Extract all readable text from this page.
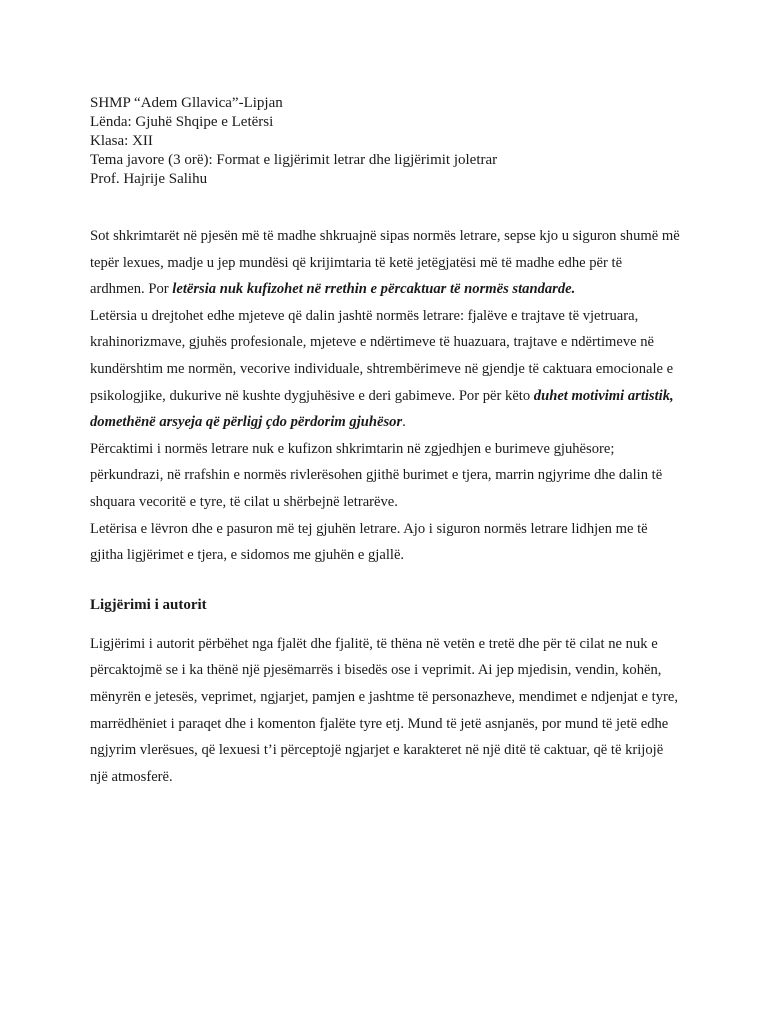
SHMP “Adem Gllavica”-Lipjan

Lënda: Gjuhë Shqipe e Letërsi

Klasa: XII

Tema javore (3 orë): Format e ligjërimit letrar dhe ligjërimit joletrar

Prof. Hajrije Salihu

Sot shkrimtarët në pjesën më të madhe shkruajnë sipas normës letrare, sepse kjo u siguron shumë më tepër lexues, madje u jep mundësi që krijimtaria të ketë jetëgjatësi më të madhe edhe për të ardhmen. Por letërsia nuk kufizohet në rrethin e përcaktuar të normës standarde.

Letërsia u drejtohet edhe mjeteve që dalin jashtë normës letrare: fjalëve e trajtave të vjetruara, krahinorizmave, gjuhës profesionale, mjeteve e ndërtimeve të huazuara, trajtave e ndërtimeve në kundërshtim me normën, vecorive individuale, shtrembërimeve në gjendje të caktuara emocionale e psikologjike, dukurive në kushte dygjuhësive e deri gabimeve. Por për këto duhet motivimi artistik, domethënë arsyeja që përligj çdo përdorim gjuhësor.

Përcaktimi i normës letrare nuk e kufizon shkrimtarin në zgjedhjen e burimeve gjuhësore; përkundrazi, në rrafshin e normës rivlerësohen gjithë burimet e tjera, marrin ngjyrime dhe dalin të shquara vecoritë e tyre, të cilat u shërbejnë letrarëve.

Letërisa e lëvron dhe e pasuron më tej gjuhën letrare. Ajo i siguron normës letrare lidhjen me të gjitha ligjërimet e tjera, e sidomos me gjuhën e gjallë.

Ligjërimi i autorit

Ligjërimi i autorit përbëhet nga fjalët dhe fjalitë, të thëna në vetën e tretë dhe për të cilat ne nuk e përcaktojmë se i ka thënë një pjesëmarrës i bisedës ose i veprimit. Ai jep mjedisin, vendin, kohën, mënyrën e jetesës, veprimet, ngjarjet, pamjen e jashtme të personazheve, mendimet e ndjenjat e tyre, marrëdhëniet i paraqet dhe i komenton fjalëte tyre etj. Mund të jetë asnjanës, por mund të jetë edhe ngjyrim vlerësues, që lexuesi t’i përceptojë ngjarjet e karakteret në një ditë të caktuar, që të krijojë një atmosferë.
